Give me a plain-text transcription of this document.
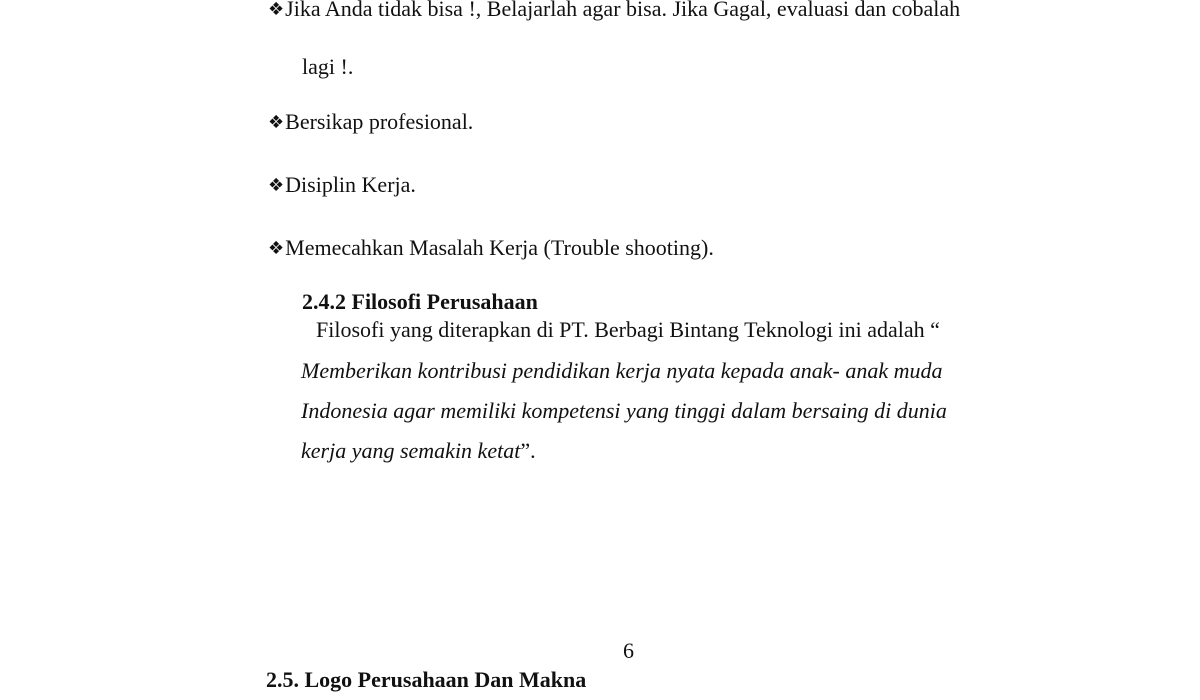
❖Jika Anda tidak bisa !, Belajarlah agar bisa. Jika Gagal, evaluasi dan cobalah

lagi !.

❖Bersikap profesional.

❖Disiplin Kerja.

❖Memecahkan Masalah Kerja (Trouble shooting).

2.4.2 Filosofi Perusahaan

Filosofi yang diterapkan di PT. Berbagi Bintang Teknologi ini adalah “

Memberikan kontribusi pendidikan kerja nyata kepada anak- anak muda

Indonesia agar memiliki kompetensi yang tinggi dalam bersaing di dunia

kerja yang semakin ketat”.

6

2.5. Logo Perusahaan Dan Makna
